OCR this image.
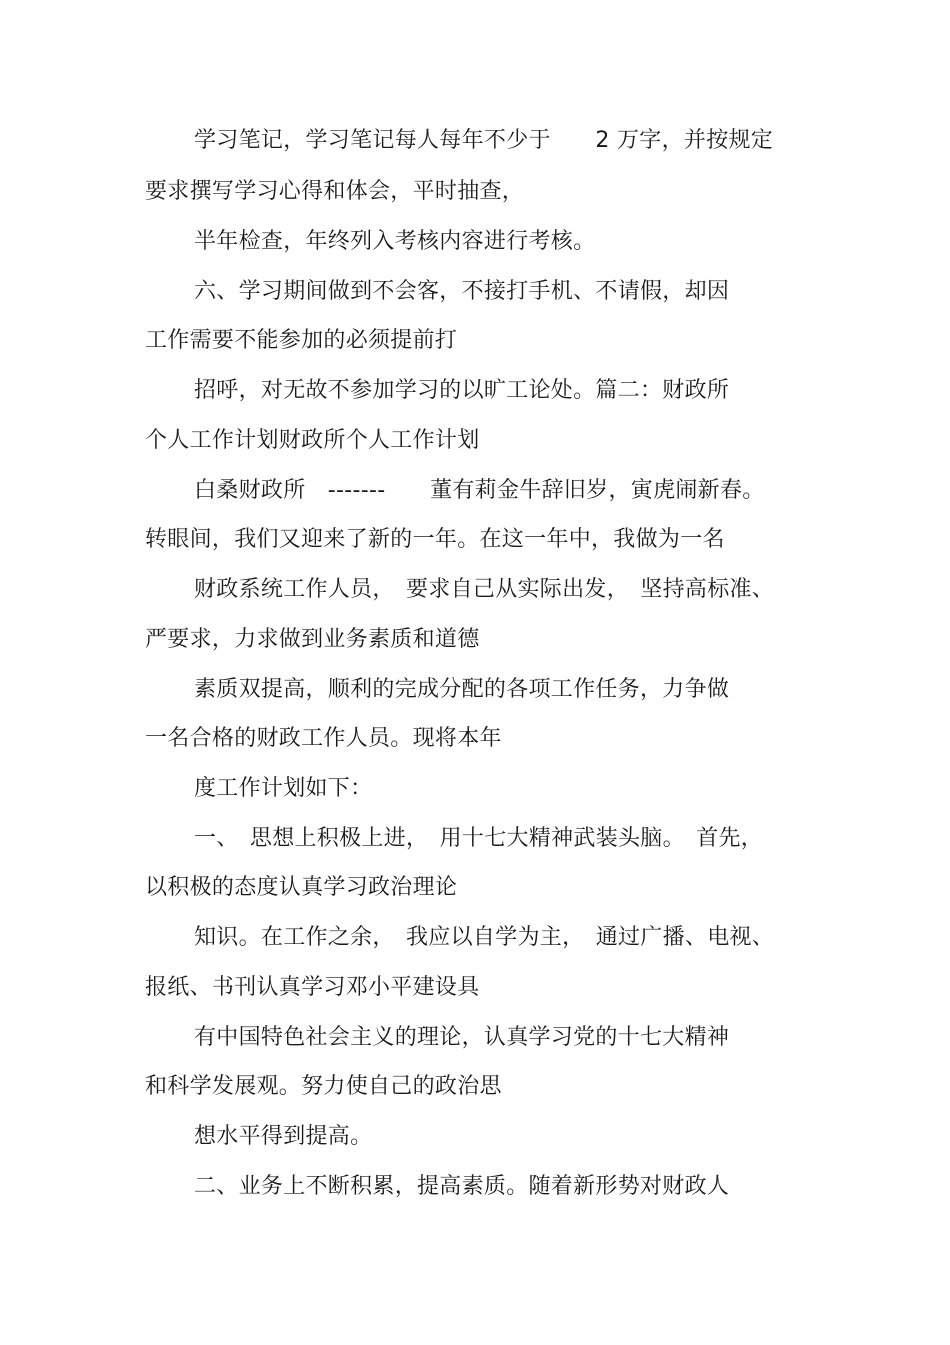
学习笔记，学习笔记每人每年不少于　　2 万字，并按规定
要求撰写学习心得和体会，平时抽查，
半年检查，年终列入考核内容进行考核。
六、学习期间做到不会客，不接打手机、不请假，却因
工作需要不能参加的必须提前打
招呼，对无故不参加学习的以旷工论处。篇二：财政所
个人工作计划财政所个人工作计划
白桑财政所　-------　　董有莉金牛辞旧岁，寅虎闹新春。
转眼间，我们又迎来了新的一年。在这一年中，我做为一名
财政系统工作人员，　要求自己从实际出发，　坚持高标准、
严要求，力求做到业务素质和道德
素质双提高，顺利的完成分配的各项工作任务，力争做
一名合格的财政工作人员。现将本年
度工作计划如下：
一、　思想上积极上进，　用十七大精神武装头脑。　首先，
以积极的态度认真学习政治理论
知识。在工作之余，　我应以自学为主，　通过广播、电视、
报纸、书刊认真学习邓小平建设具
有中国特色社会主义的理论，认真学习党的十七大精神
和科学发展观。努力使自己的政治思
想水平得到提高。
二、业务上不断积累，提高素质。随着新形势对财政人
